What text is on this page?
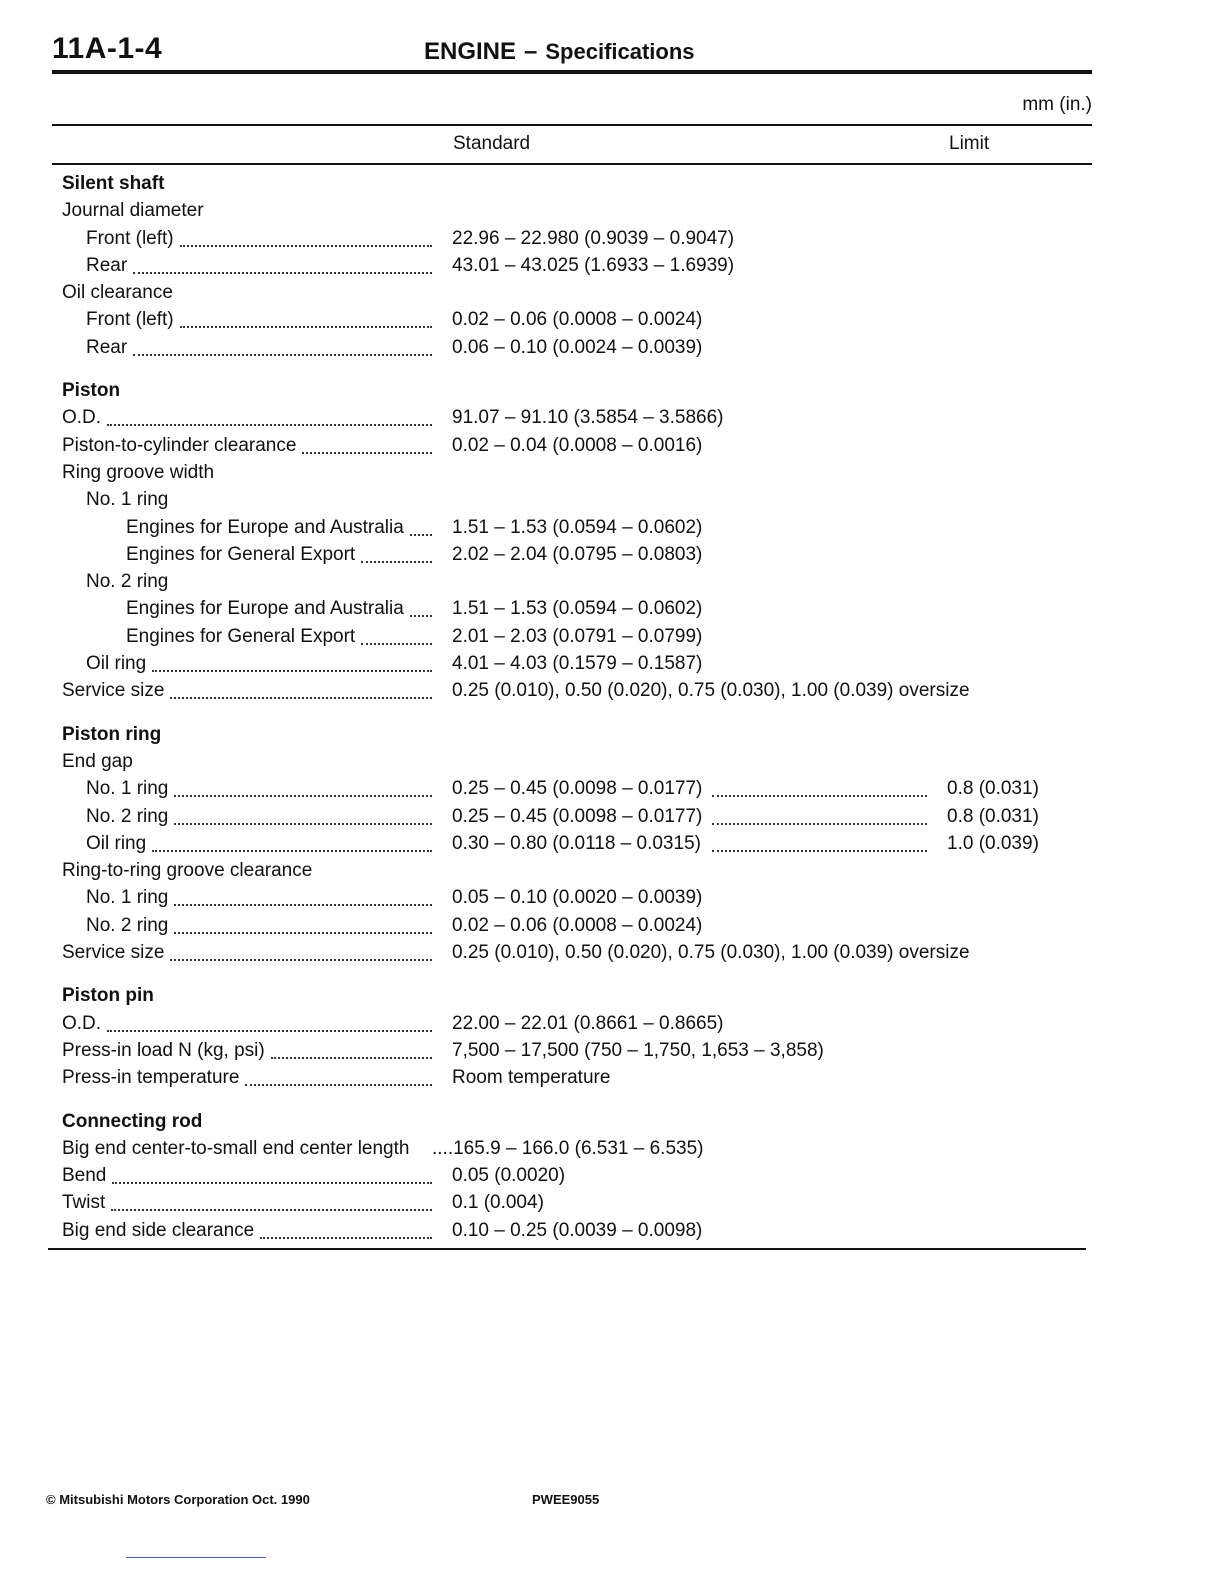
11A-1-4	ENGINE – Specifications
mm (in.)
Standard	Limit
Silent shaft
Journal diameter
Front (left)	22.96 – 22.980 (0.9039 – 0.9047)
Rear	43.01 – 43.025 (1.6933 – 1.6939)
Oil clearance
Front (left)	0.02 – 0.06 (0.0008 – 0.0024)
Rear	0.06 – 0.10 (0.0024 – 0.0039)
Piston
O.D.	91.07 – 91.10 (3.5854 – 3.5866)
Piston-to-cylinder clearance	0.02 – 0.04 (0.0008 – 0.0016)
Ring groove width
No. 1 ring
Engines for Europe and Australia	1.51 – 1.53 (0.0594 – 0.0602)
Engines for General Export	2.02 – 2.04 (0.0795 – 0.0803)
No. 2 ring
Engines for Europe and Australia	1.51 – 1.53 (0.0594 – 0.0602)
Engines for General Export	2.01 – 2.03 (0.0791 – 0.0799)
Oil ring	4.01 – 4.03 (0.1579 – 0.1587)
Service size	0.25 (0.010), 0.50 (0.020), 0.75 (0.030), 1.00 (0.039) oversize
Piston ring
End gap
No. 1 ring	0.25 – 0.45 (0.0098 – 0.0177)	0.8 (0.031)
No. 2 ring	0.25 – 0.45 (0.0098 – 0.0177)	0.8 (0.031)
Oil ring	0.30 – 0.80 (0.0118 – 0.0315)	1.0 (0.039)
Ring-to-ring groove clearance
No. 1 ring	0.05 – 0.10 (0.0020 – 0.0039)
No. 2 ring	0.02 – 0.06 (0.0008 – 0.0024)
Service size	0.25 (0.010), 0.50 (0.020), 0.75 (0.030), 1.00 (0.039) oversize
Piston pin
O.D.	22.00 – 22.01 (0.8661 – 0.8665)
Press-in load N (kg, psi)	7,500 – 17,500 (750 – 1,750, 1,653 – 3,858)
Press-in temperature	Room temperature
Connecting rod
Big end center-to-small end center length	....165.9 – 166.0 (6.531 – 6.535)
Bend	0.05 (0.0020)
Twist	0.1 (0.004)
Big end side clearance	0.10 – 0.25 (0.0039 – 0.0098)
© Mitsubishi Motors Corporation Oct. 1990	PWEE9055
